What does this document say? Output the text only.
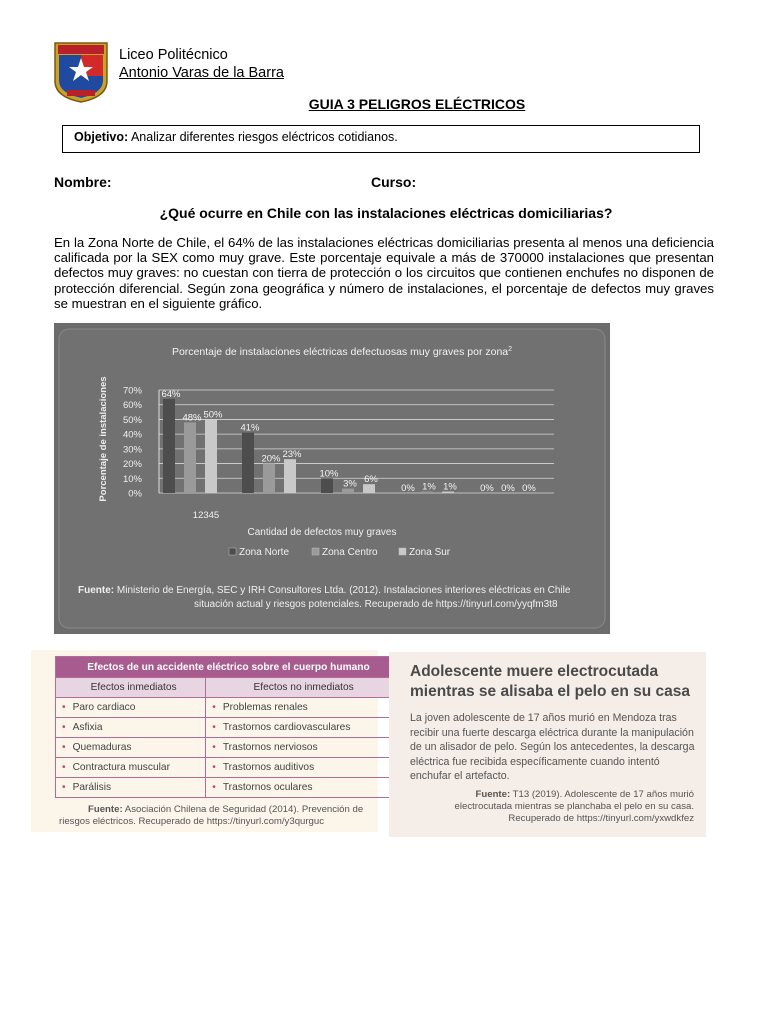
Liceo Politécnico
Antonio Varas de la Barra
GUIA 3 PELIGROS ELÉCTRICOS
Objetivo: Analizar diferentes riesgos eléctricos cotidianos.
Nombre:	Curso:
¿Qué ocurre en Chile con las instalaciones eléctricas domiciliarias?
En la Zona Norte de Chile, el 64% de las instalaciones eléctricas domiciliarias presenta al menos una deficiencia calificada por la SEX como muy grave. Este porcentaje equivale a más de 370000 instalaciones que presentan defectos muy graves: no cuestan con tierra de protección o los circuitos que contienen enchufes no disponen de protección diferencial. Según zona geográfica y número de instalaciones, el porcentaje de defectos muy graves se muestran en el siguiente gráfico.
Porcentaje de instalaciones eléctricas defectuosas muy graves por zona$^2$
Porcentaje de instalaciones 0%
10%
20%
30%
40%
50%
60%
70% 64%
48% 50%
41%
20% 23%
10%
3% 6%
0% 1% 1% 0% 0% 0%
12345
Cantidad de defectos muy graves
Zona Norte	Zona Centro	Zona Sur
Fuente: Ministerio de Energía, SEC y IRH Consultores Ltda. (2012). Instalaciones interiores eléctricas en Chile
situación actual y riesgos potenciales. Recuperado de https://tinyurl.com/yyqfm3t8
Efectos de un accidente eléctrico sobre el cuerpo humano	
Efectos inmediatos	Efectos no inmediatos
• Paro cardiaco	• Problemas renales
• Asfixia	• Trastornos cardiovasculares
• Quemaduras	• Trastornos nerviosos
• Contractura muscular	• Trastornos auditivos
• Parálisis	• Trastornos oculares
Fuente: Asociación Chilena de Seguridad (2014). Prevención de
riesgos eléctricos. Recuperado de https://tinyurl.com/y3qurguc
Adolescente muere electrocutada
mientras se alisaba el pelo en su casa
La joven adolescente de 17 años murió en Mendoza tras recibir una fuerte descarga eléctrica durante la manipulación de un alisador de pelo. Según los antecedentes, la descarga eléctrica fue recibida específicamente cuando intentó enchufar el artefacto.
Fuente: T13 (2019). Adolescente de 17 años murió
electrocutada mientras se planchaba el pelo en su casa.
Recuperado de https://tinyurl.com/yxwdkfez
